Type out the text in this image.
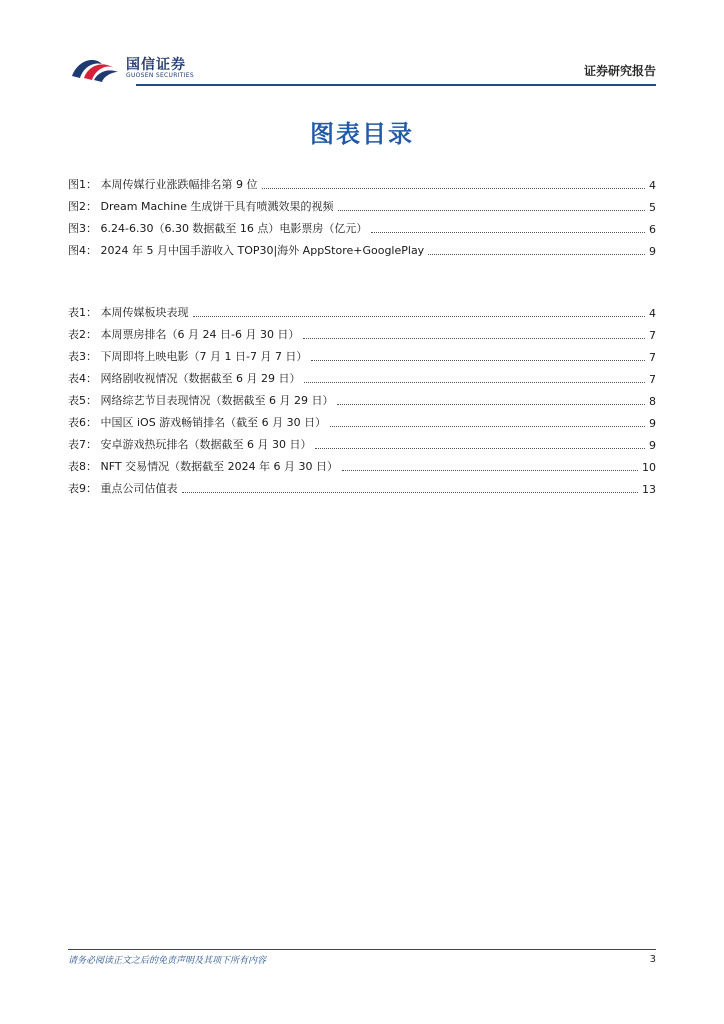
国信证券
GUOSEN SECURITIES	证券研究报告
图表目录
图1： 本周传媒行业涨跌幅排名第 9 位	4
图2： Dream Machine 生成饼干具有喷溅效果的视频	5
图3： 6.24-6.30（6.30 数据截至 16 点）电影票房（亿元）	6
图4： 2024 年 5 月中国手游收入 TOP30|海外 AppStore+GooglePlay	9
表1： 本周传媒板块表现	4
表2： 本周票房排名（6 月 24 日-6 月 30 日）	7
表3： 下周即将上映电影（7 月 1 日-7 月 7 日）	7
表4： 网络剧收视情况（数据截至 6 月 29 日）	7
表5： 网络综艺节目表现情况（数据截至 6 月 29 日）	8
表6： 中国区 iOS 游戏畅销排名（截至 6 月 30 日）	9
表7： 安卓游戏热玩排名（数据截至 6 月 30 日）	9
表8： NFT 交易情况（数据截至 2024 年 6 月 30 日）	10
表9： 重点公司估值表	13
请务必阅读正文之后的免责声明及其项下所有内容	3
